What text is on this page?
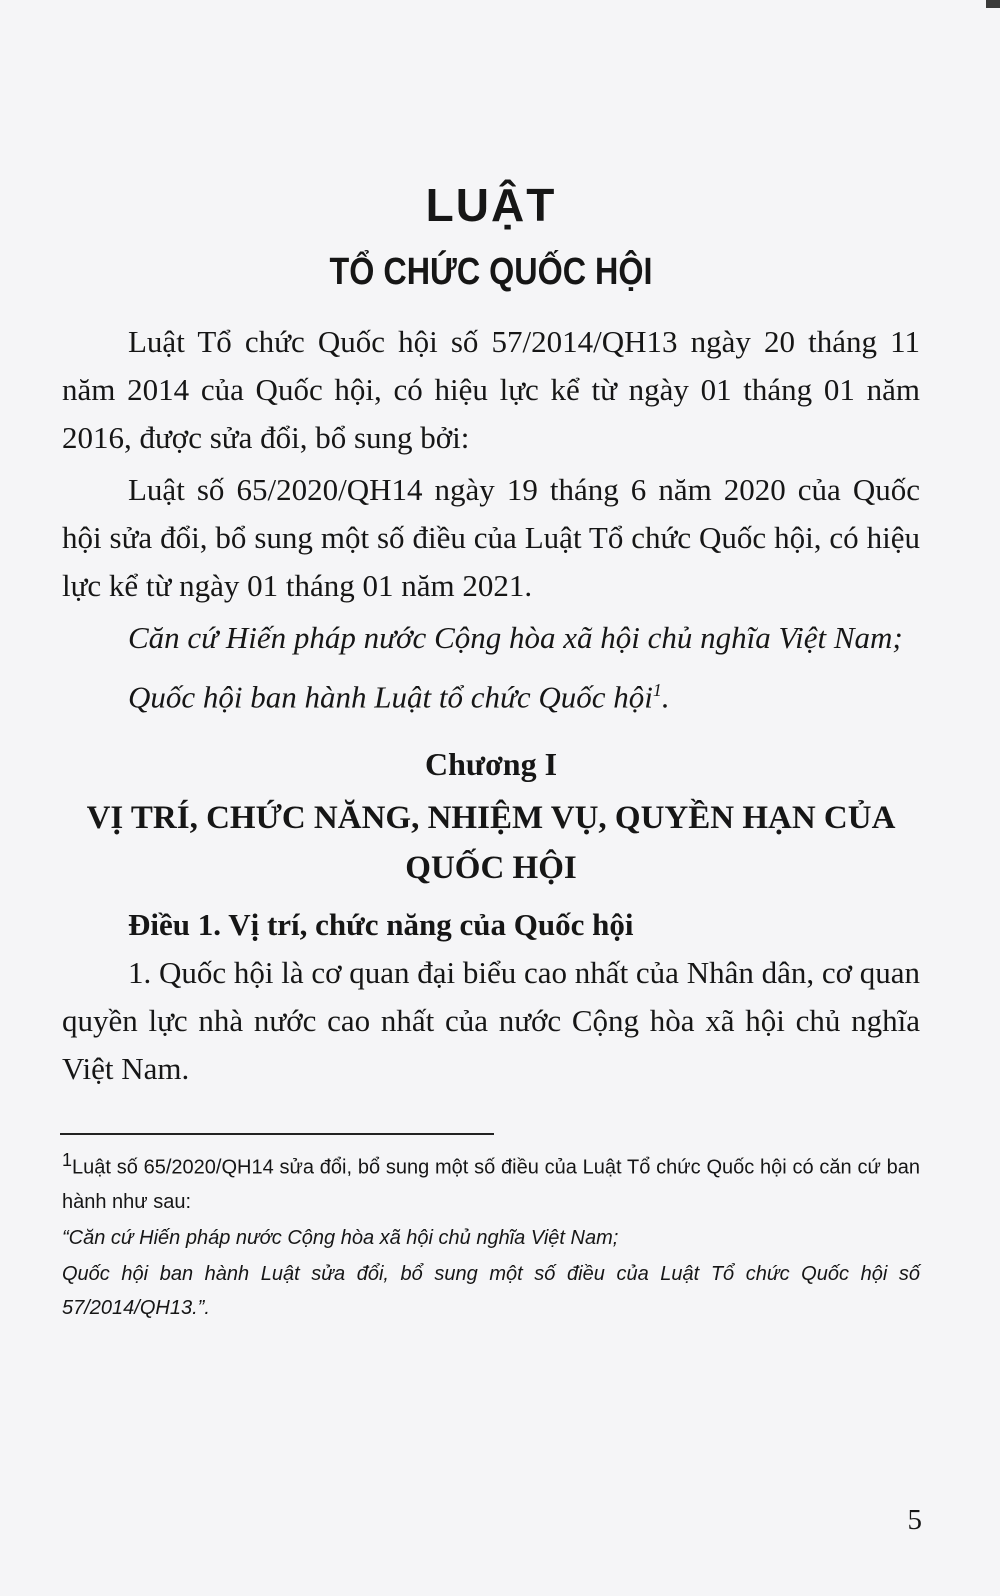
LUẬT
TỔ CHỨC QUỐC HỘI

Luật Tổ chức Quốc hội số 57/2014/QH13 ngày 20 tháng 11 năm 2014 của Quốc hội, có hiệu lực kể từ ngày 01 tháng 01 năm 2016, được sửa đổi, bổ sung bởi:

Luật số 65/2020/QH14 ngày 19 tháng 6 năm 2020 của Quốc hội sửa đổi, bổ sung một số điều của Luật Tổ chức Quốc hội, có hiệu lực kể từ ngày 01 tháng 01 năm 2021.

Căn cứ Hiến pháp nước Cộng hòa xã hội chủ nghĩa Việt Nam;

Quốc hội ban hành Luật tổ chức Quốc hội$^1$.

Chương I
VỊ TRÍ, CHỨC NĂNG, NHIỆM VỤ, QUYỀN HẠN CỦA QUỐC HỘI

Điều 1. Vị trí, chức năng của Quốc hội

1. Quốc hội là cơ quan đại biểu cao nhất của Nhân dân, cơ quan quyền lực nhà nước cao nhất của nước Cộng hòa xã hội chủ nghĩa Việt Nam.

$^1$Luật số 65/2020/QH14 sửa đổi, bổ sung một số điều của Luật Tổ chức Quốc hội có căn cứ ban hành như sau:

“Căn cứ Hiến pháp nước Cộng hòa xã hội chủ nghĩa Việt Nam;

Quốc hội ban hành Luật sửa đổi, bổ sung một số điều của Luật Tổ chức Quốc hội số 57/2014/QH13.”.

5
